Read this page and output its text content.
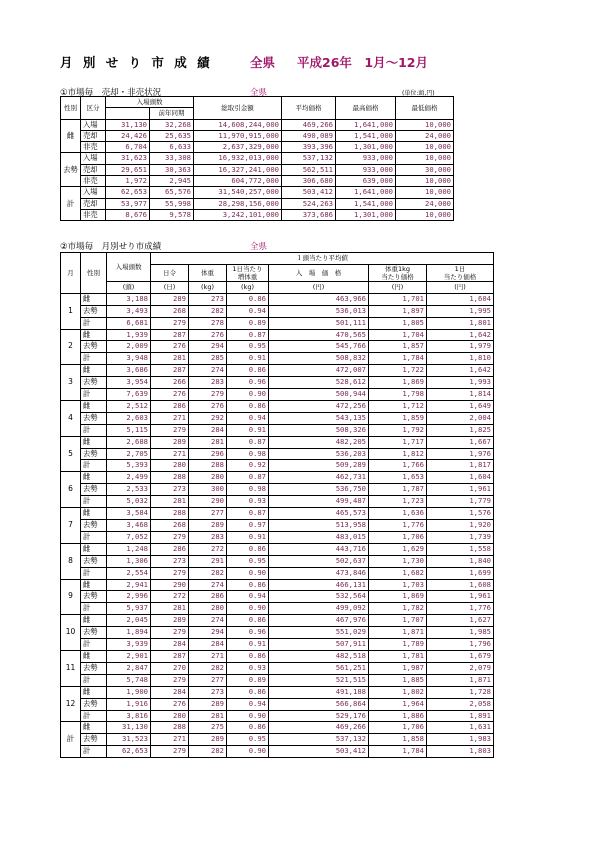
月 別 せ り 市 成 績	全県 平成26年　1月～12月
①市場毎　売却・非売状況	全県	(単位:頭,円)
性別	区分	入場頭数		総取引金額	平均価格	最高価格	最低価格
			前年同期				
雌	入場	31,130	32,268	14,608,244,000	469,266	1,641,000	10,000
	売却	24,426	25,635	11,970,915,000	490,089	1,541,000	24,000
	非売	6,704	6,633	2,637,329,000	393,396	1,301,000	10,000
去勢	入場	31,623	33,308	16,932,013,000	537,132	933,000	10,000
	売却	29,651	30,363	16,327,241,000	562,511	933,000	30,000
	非売	1,972	2,945	604,772,000	306,680	639,000	10,000
計	入場	62,653	65,576	31,540,257,000	503,412	1,641,000	10,000
	売却	53,977	55,998	28,298,156,000	524,263	1,541,000	24,000
	非売	8,676	9,578	3,242,101,000	373,686	1,301,000	10,000
②市場毎　月別せり市成績	全県
月	性別	入場頭数	１頭当たり平均値					
			日令	体重	1日当たり
増体重	入　場　価　格	体重1kg
当たり価格	1日
当たり価格
		(頭)	(日)	(kg)	(kg)	(円)	(円)	(円)
1	雌	3,188	289	273	0.86	463,966	1,701	1,604
	去勢	3,493	268	282	0.94	536,013	1,897	1,995
	計	6,681	279	278	0.89	501,111	1,805	1,801
2	雌	1,939	287	276	0.87	470,565	1,704	1,642
	去勢	2,009	276	294	0.95	545,766	1,857	1,979
	計	3,948	281	285	0.91	508,832	1,784	1,810
3	雌	3,686	287	274	0.86	472,007	1,722	1,642
	去勢	3,954	266	283	0.96	528,612	1,869	1,993
	計	7,639	276	279	0.90	500,944	1,798	1,814
4	雌	2,512	286	276	0.86	472,256	1,712	1,649
	去勢	2,603	271	292	0.94	543,135	1,859	2,004
	計	5,115	279	284	0.91	508,326	1,792	1,825
5	雌	2,688	289	281	0.87	482,205	1,717	1,667
	去勢	2,705	271	296	0.98	536,203	1,812	1,976
	計	5,393	280	288	0.92	509,289	1,766	1,817
6	雌	2,499	288	280	0.87	462,731	1,653	1,604
	去勢	2,533	273	300	0.98	536,750	1,787	1,961
	計	5,032	281	290	0.93	499,487	1,723	1,779
7	雌	3,584	288	277	0.87	465,573	1,636	1,576
	去勢	3,468	268	289	0.97	513,958	1,776	1,920
	計	7,052	279	283	0.91	483,015	1,706	1,739
8	雌	1,248	286	272	0.86	443,716	1,629	1,558
	去勢	1,306	273	291	0.95	502,637	1,730	1,840
	計	2,554	279	282	0.90	473,846	1,682	1,699
9	雌	2,941	290	274	0.86	466,131	1,703	1,608
	去勢	2,996	272	286	0.94	532,564	1,869	1,961
	計	5,937	281	280	0.90	499,092	1,782	1,776
10	雌	2,045	289	274	0.86	467,976	1,707	1,627
	去勢	1,894	279	294	0.96	551,029	1,871	1,985
	計	3,939	284	284	0.91	507,911	1,789	1,796
11	雌	2,901	287	271	0.86	482,518	1,781	1,679
	去勢	2,847	270	282	0.93	561,251	1,987	2,079
	計	5,748	279	277	0.89	521,515	1,885	1,871
12	雌	1,900	284	273	0.86	491,188	1,802	1,728
	去勢	1,916	276	289	0.94	566,864	1,964	2,058
	計	3,816	280	281	0.90	529,176	1,886	1,891
計	雌	31,130	288	275	0.86	469,266	1,706	1,631
	去勢	31,523	271	289	0.95	537,132	1,858	1,983
	計	62,653	279	282	0.90	503,412	1,784	1,803
